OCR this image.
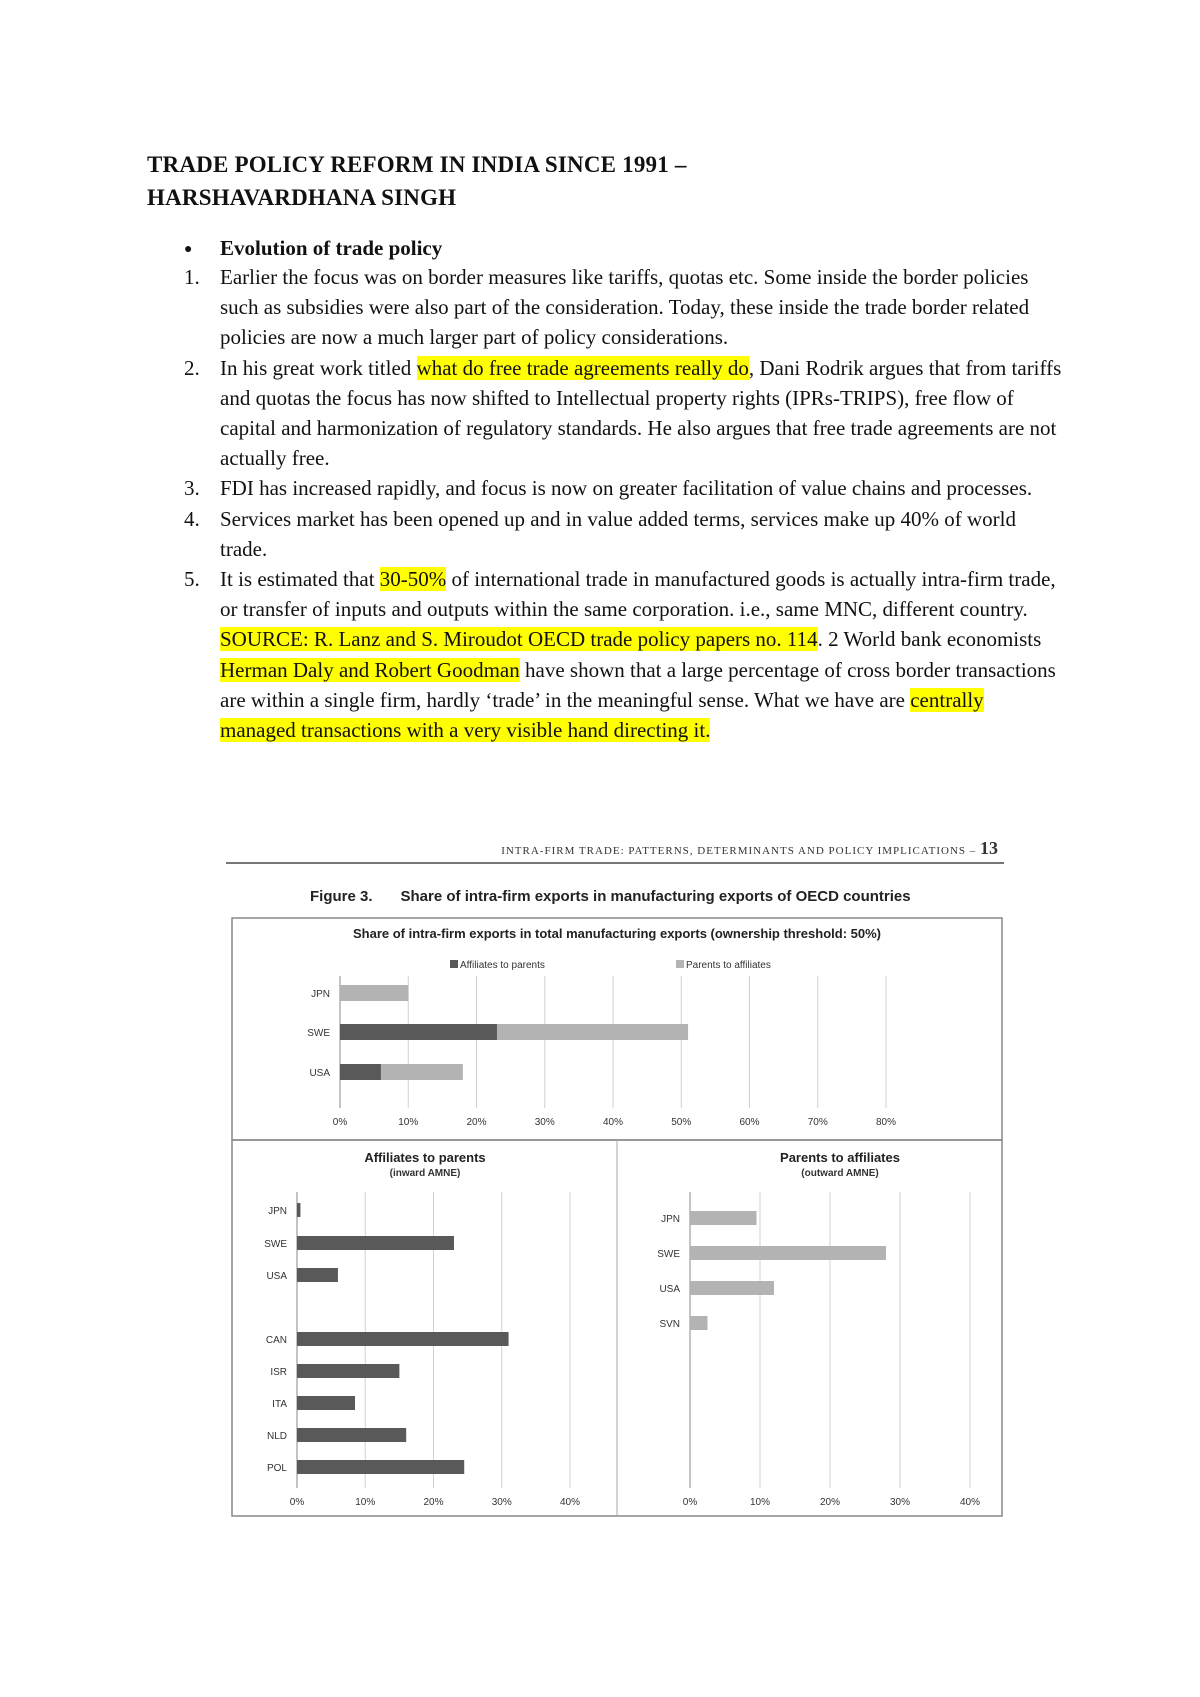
TRADE POLICY REFORM IN INDIA SINCE 1991 –
HARSHAVARDHANA SINGH
● Evolution of trade policy
1. Earlier the focus was on border measures like tariffs, quotas etc. Some inside the border policies such as subsidies were also part of the consideration. Today, these inside the trade border related policies are now a much larger part of policy considerations.
2. In his great work titled what do free trade agreements really do, Dani Rodrik argues that from tariffs and quotas the focus has now shifted to Intellectual property rights (IPRs-TRIPS), free flow of capital and harmonization of regulatory standards. He also argues that free trade agreements are not actually free.
3. FDI has increased rapidly, and focus is now on greater facilitation of value chains and processes.
4. Services market has been opened up and in value added terms, services make up 40% of world trade.
5. It is estimated that 30-50% of international trade in manufactured goods is actually intra-firm trade, or transfer of inputs and outputs within the same corporation. i.e., same MNC, different country. SOURCE: R. Lanz and S. Miroudot OECD trade policy papers no. 114. 2 World bank economists Herman Daly and Robert Goodman have shown that a large percentage of cross border transactions are within a single firm, hardly ‘trade’ in the meaningful sense. What we have are centrally managed transactions with a very visible hand directing it.
INTRA-FIRM TRADE: PATTERNS, DETERMINANTS AND POLICY IMPLICATIONS – 13
Figure 3. Share of intra-firm exports in manufacturing exports of OECD countries
Share of intra-firm exports in total manufacturing exports (ownership threshold: 50%)
Affiliates to parents	Parents to affiliates
0%	10%	20%	30%	40%	50%	60%	70%	80%
JPN
SWE
USA
Affiliates to parents
(inward AMNE)
0%	10%	20%	30%	40%
JPN
SWE
USA
CAN
ISR
ITA
NLD
POL
Parents to affiliates
(outward AMNE)
0%	10%	20%	30%	40%
JPN
SWE
USA
SVN
